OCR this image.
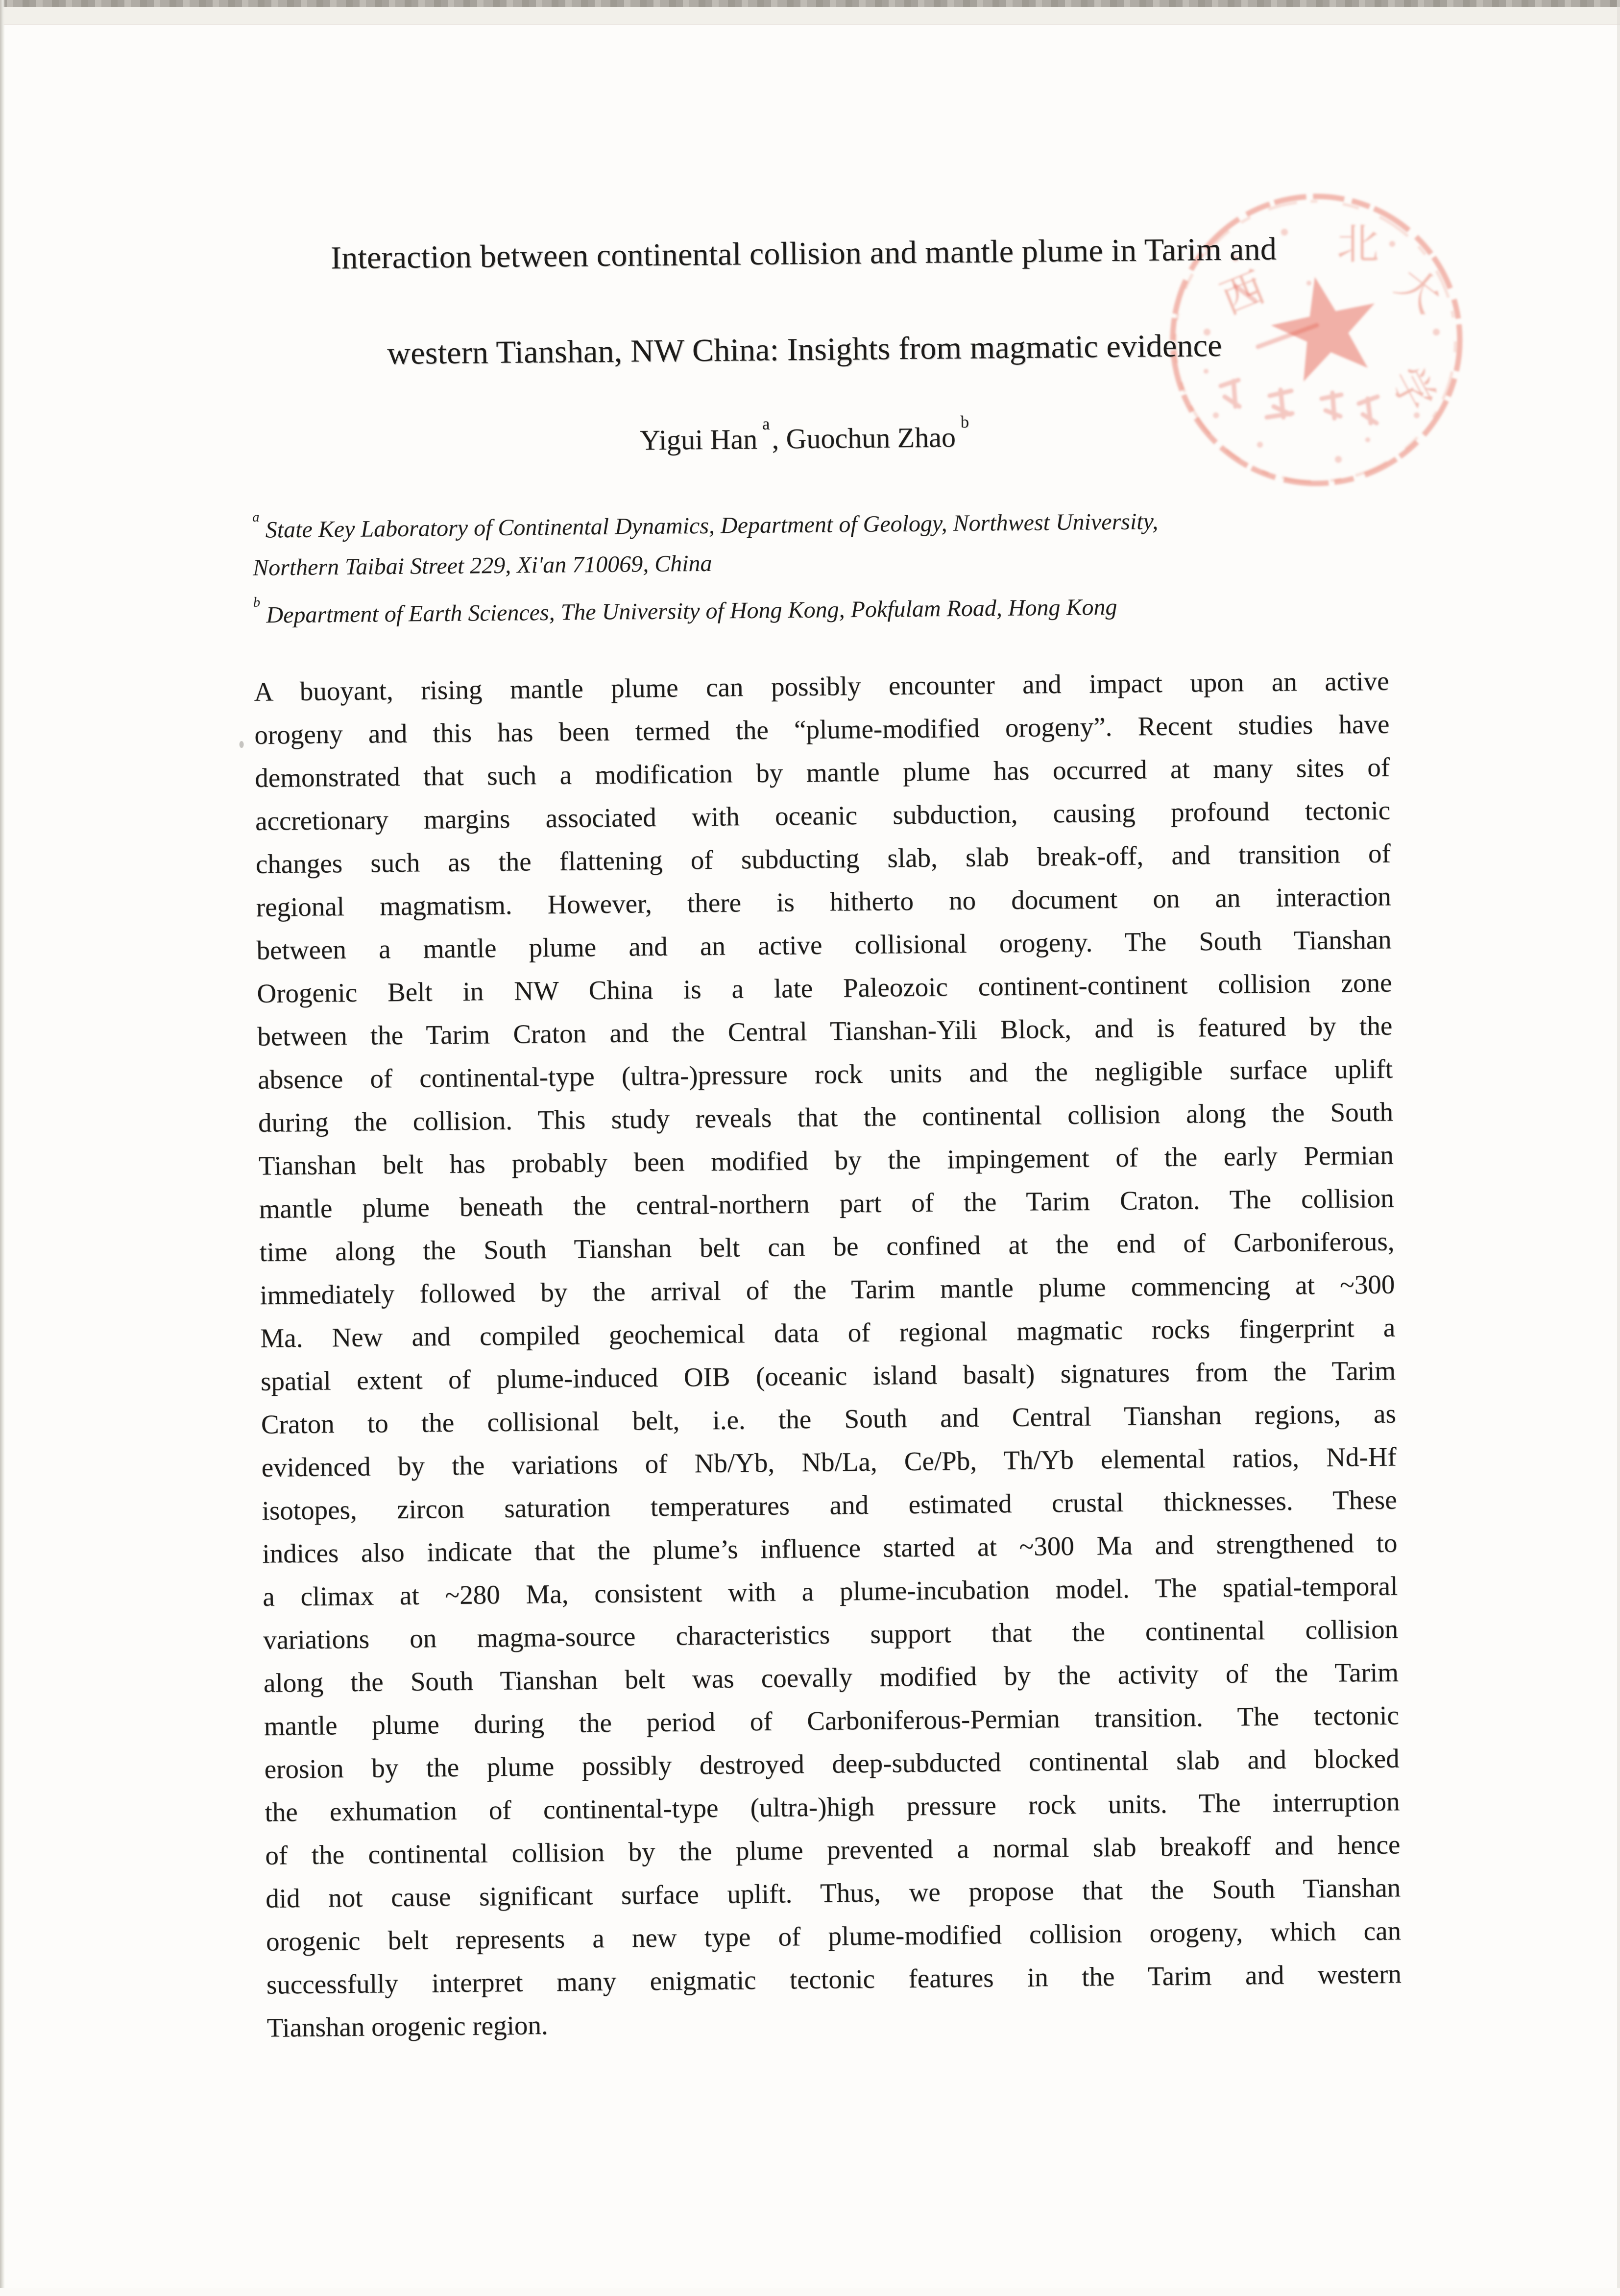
北
大
西
学
Interaction between continental collision and mantle plume in Tarim and
western Tianshan, NW China: Insights from magmatic evidence
Yigui Han $^a$, Guochun Zhao $^b$
$^a$ State Key Laboratory of Continental Dynamics, Department of Geology, Northwest University,
Northern Taibai Street 229, Xi'an 710069, China
$^b$ Department of Earth Sciences, The University of Hong Kong, Pokfulam Road, Hong Kong
A buoyant, rising mantle plume can possibly encounter and impact upon an active
orogeny and this has been termed the “plume-modified orogeny”. Recent studies have
demonstrated that such a modification by mantle plume has occurred at many sites of
accretionary margins associated with oceanic subduction, causing profound tectonic
changes such as the flattening of subducting slab, slab break-off, and transition of
regional magmatism. However, there is hitherto no document on an interaction
between a mantle plume and an active collisional orogeny. The South Tianshan
Orogenic Belt in NW China is a late Paleozoic continent-continent collision zone
between the Tarim Craton and the Central Tianshan-Yili Block, and is featured by the
absence of continental-type (ultra-)pressure rock units and the negligible surface uplift
during the collision. This study reveals that the continental collision along the South
Tianshan belt has probably been modified by the impingement of the early Permian
mantle plume beneath the central-northern part of the Tarim Craton. The collision
time along the South Tianshan belt can be confined at the end of Carboniferous,
immediately followed by the arrival of the Tarim mantle plume commencing at ~300
Ma. New and compiled geochemical data of regional magmatic rocks fingerprint a
spatial extent of plume-induced OIB (oceanic island basalt) signatures from the Tarim
Craton to the collisional belt, i.e. the South and Central Tianshan regions, as
evidenced by the variations of Nb/Yb, Nb/La, Ce/Pb, Th/Yb elemental ratios, Nd-Hf
isotopes, zircon saturation temperatures and estimated crustal thicknesses. These
indices also indicate that the plume’s influence started at ~300 Ma and strengthened to
a climax at ~280 Ma, consistent with a plume-incubation model. The spatial-temporal
variations on magma-source characteristics support that the continental collision
along the South Tianshan belt was coevally modified by the activity of the Tarim
mantle plume during the period of Carboniferous-Permian transition. The tectonic
erosion by the plume possibly destroyed deep-subducted continental slab and blocked
the exhumation of continental-type (ultra-)high pressure rock units. The interruption
of the continental collision by the plume prevented a normal slab breakoff and hence
did not cause significant surface uplift. Thus, we propose that the South Tianshan
orogenic belt represents a new type of plume-modified collision orogeny, which can
successfully interpret many enigmatic tectonic features in the Tarim and western
Tianshan orogenic region.
